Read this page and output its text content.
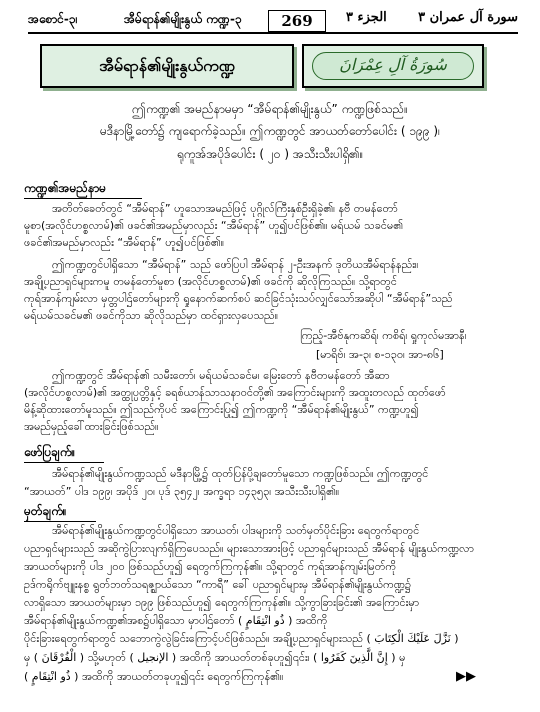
အစောင်-၃၊	အီမ်ရာန်၏မျိုးနွယ် ကဏ္ဍ-၃	269	الجزء ٣ سورة آل عمران ٣
အီမ်ရာန်၏မျိုးနွယ်ကဏ္ဍ	سُورَةُ آلِ عِمْرَانَ
ဤကဏ္ဍ၏ အမည်နာမမှာ “အီမ်ရာန်၏မျိုးနွယ်” ကဏ္ဍဖြစ်သည်။
မဒီနာမြို့တော်၌ ကျရောက်ခဲ့သည်။ ဤကဏ္ဍတွင် အာယတ်တော်ပေါင်း ( ၁၉၉ )၊
ရုကူအ်အပိုဒ်ပေါင်း ( ၂၀ ) အသီးသီးပါရှိ၏။
ကဏ္ဍ၏အမည်နာမ
အတိတ်ခေတ်တွင် “အီမ်ရာန်” ဟူသောအမည်ဖြင့် ပုဂ္ဂိုလ်ကြီးနှစ်ဦးရှိခဲ့၏၊ နဗီ တမန်တော်
မူစာ(အလိုင်ဟစ္စလာမ်)၏ ဖခင်၏အမည်မှာလည်း “အီမ်ရာန်” ဟူ၍ပင်ဖြစ်၏။ မရ်ယမ် သခင်မ၏
ဖခင်၏အမည်မှာလည်း “အီမ်ရာန်” ဟူ၍ပင်ဖြစ်၏။
ဤကဏ္ဍတွင်ပါရှိသော “အီမ်ရာန်” သည် ဖော်ပြပါ အီမ်ရာန် ၂-ဦးအနက် ဒုတိယအီမ်ရာန်နည်း။
အချို့ပညာရှင်များကမူ တမန်တော်မူစာ (အလိုင်ဟစ္စလာမ်)၏ ဖခင်ကို ဆိုလိုကြသည်။ သို့ရာတွင်
ကုရ်အာန်ကျမ်းလာ မှတ္တပါဌ်တော်များကို ရှုနောက်ဆက်စပ် ဆင်ခြင်သုံးသပ်လျှင်သော်အဆိုပါ “အီမ်ရာန်”သည်
မရ်ယမ်သခင်မ၏ ဖခင်ကိုသာ ဆိုလိုသည်မှာ ထင်ရှားလှပေသည်။
ကြည့်-အီဗ်နုကဆိရ်၊ ကစိရ်၊ ရှုကုလ်မအာနီ၊
[မာရိဗ်၊ အ-၃၊ စ-၁၃၀၊ အာ-၈၆]
ဤကဏ္ဍတွင် အီမ်ရာန်၏ သမီးတော်၊ မရ်ယမ်သခင်မ၊ မြေးတော် နဗီတမန်တော် အီဆာ
(အလိုင်ဟစ္စလာမ်)၏ အတ္ထုပ္ပတ္တိနှင့် ခရစ်ယာန်သာသနာဝင်တို့၏ အကြောင်းများကို အထူးတလည် ထုတ်ဖော်
မိန့်ဆိုထားတော်မူသည်။ ဤသည်ကိုပင် အကြောင်းပြု၍ ဤကဏ္ဍကို “အီမ်ရာန်၏မျိုးနွယ်” ကဏ္ဍဟူ၍
အမည်မှည့်ခေါ်ထားခြင်းဖြစ်သည်။
ဖော်ပြချက်။
အီမ်ရာန်၏မျိုးနွယ်ကဏ္ဍသည် မဒီနာမြို့၌ ထုတ်ပြန်ပို့ချတော်မူသော ကဏ္ဍဖြစ်သည်။ ဤကဏ္ဍတွင်
“အာယတ်” ပါဒ ၁၉၉၊ အပိုဒ် ၂၀၊ ပုဒ် ၃၅၄၂၊ အက္ခရာ ၁၄၃၅၃၊ အသီးသီးပါရှိ၏။
မှတ်ချက်။
အီမ်ရာန်၏မျိုးနွယ်ကဏ္ဍတွင်ပါရှိသော အာယတ်၊ ပါဒများကို သတ်မှတ်ပိုင်းခြား ရေတွက်ရာတွင်
ပညာရှင်များသည် အဆိုကွဲပြားလျက်ရှိကြပေသည်။ များသောအားဖြင့် ပညာရှင်များသည် အီမ်ရာန် မျိုးနွယ်ကဏ္ဍလာ
အာယတ်များကို ပါဒ ၂၀၀ ဖြစ်သည်ဟူ၍ ရေတွက်ကြကုန်၏။ သို့ရာတွင် ကုရ်အာန်ကျမ်းမြတ်ကို
ဥဒ်ကရိုက်ဗျူးနစ္စ ရွတ်ဘတ်သရဇ္ဈာယ်သော “ကာရီ” ခေါ် ပညာရှင်များမှ အီမ်ရာန်၏မျိုးနွယ်ကဏ္ဍ၌
လာရှိသော အာယတ်များမှာ ၁၉၉ ဖြစ်သည်ဟူ၍ ရေတွက်ကြကုန်၏။ သို့ကွာခြားခြင်း၏ အကြောင်းမှာ
အီမ်ရာန်၏မျိုးနွယ်ကဏ္ဍ၏အစ၌ပါရှိသော မှာပါဌ်တော် ( ذُو انْتِقَامٍ ) အထိကို
ပိုင်းခြားရေတွက်ရာတွင် သဘောကွဲလွဲခြင်းကြောင့်ပင်ဖြစ်သည်။ အချို့ပညာရှင်များသည် ( نَزَّلَ عَلَيْكَ الْكِتَابَ )
မှ ( الْفُرْقَانَ ) သို့မဟုတ် ( الإنجيل ) အထိကို အာယတ်တစ်ခုဟူ၍၎င်း၊ ( إِنَّ الَّذِينَ كَفَرُوا ) မှ
( ذُو انْتِقَامٍ ) အထိကို အာယတ်တခုဟူ၍၎င်း ရေတွက်ကြကုန်၏။	▶▶
